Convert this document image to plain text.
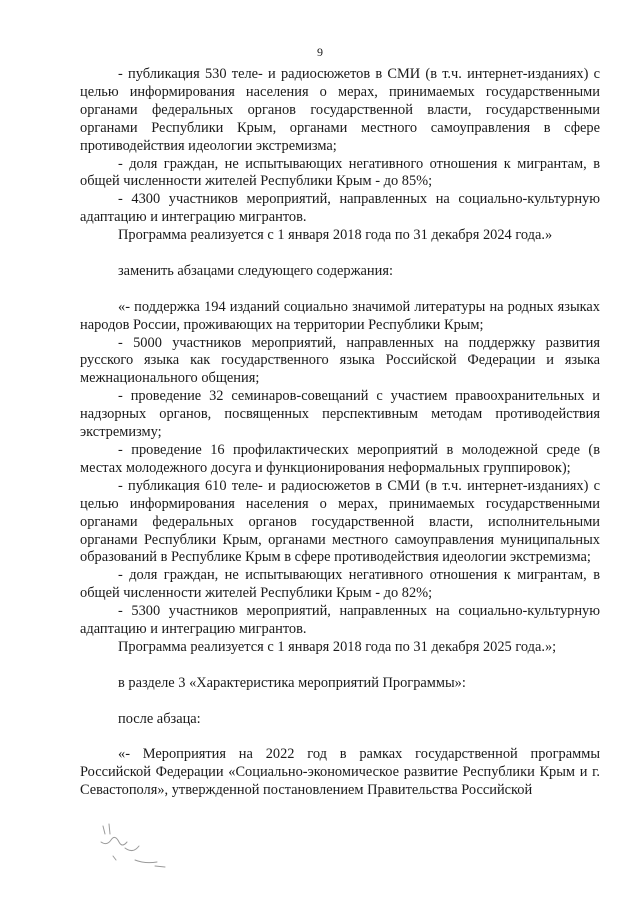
9

- публикация 530 теле- и радиосюжетов в СМИ (в т.ч. интернет-изданиях) с целью информирования населения о мерах, принимаемых государственными органами федеральных органов государственной власти, государственными органами Республики Крым, органами местного самоуправления в сфере противодействия идеологии экстремизма;

- доля граждан, не испытывающих негативного отношения к мигрантам, в общей численности жителей Республики Крым - до 85%;

- 4300 участников мероприятий, направленных на социально-культурную адаптацию и интеграцию мигрантов.

Программа реализуется с 1 января 2018 года по 31 декабря 2024 года.»

заменить абзацами следующего содержания:

«- поддержка 194 изданий социально значимой литературы на родных языках народов России, проживающих на территории Республики Крым;

- 5000 участников мероприятий, направленных на поддержку развития русского языка как государственного языка Российской Федерации и языка межнационального общения;

- проведение 32 семинаров-совещаний с участием правоохранительных и надзорных органов, посвященных перспективным методам противодействия экстремизму;

- проведение 16 профилактических мероприятий в молодежной среде (в местах молодежного досуга и функционирования неформальных группировок);

- публикация 610 теле- и радиосюжетов в СМИ (в т.ч. интернет-изданиях) с целью информирования населения о мерах, принимаемых государственными органами федеральных органов государственной власти, исполнительными органами Республики Крым, органами местного самоуправления муниципальных образований в Республике Крым в сфере противодействия идеологии экстремизма;

- доля граждан, не испытывающих негативного отношения к мигрантам, в общей численности жителей Республики Крым - до 82%;

- 5300 участников мероприятий, направленных на социально-культурную адаптацию и интеграцию мигрантов.

Программа реализуется с 1 января 2018 года по 31 декабря 2025 года.»;

в разделе 3 «Характеристика мероприятий Программы»:

после абзаца:

«- Мероприятия на 2022 год в рамках государственной программы Российской Федерации «Социально-экономическое развитие Республики Крым и г. Севастополя», утвержденной постановлением Правительства Российской
